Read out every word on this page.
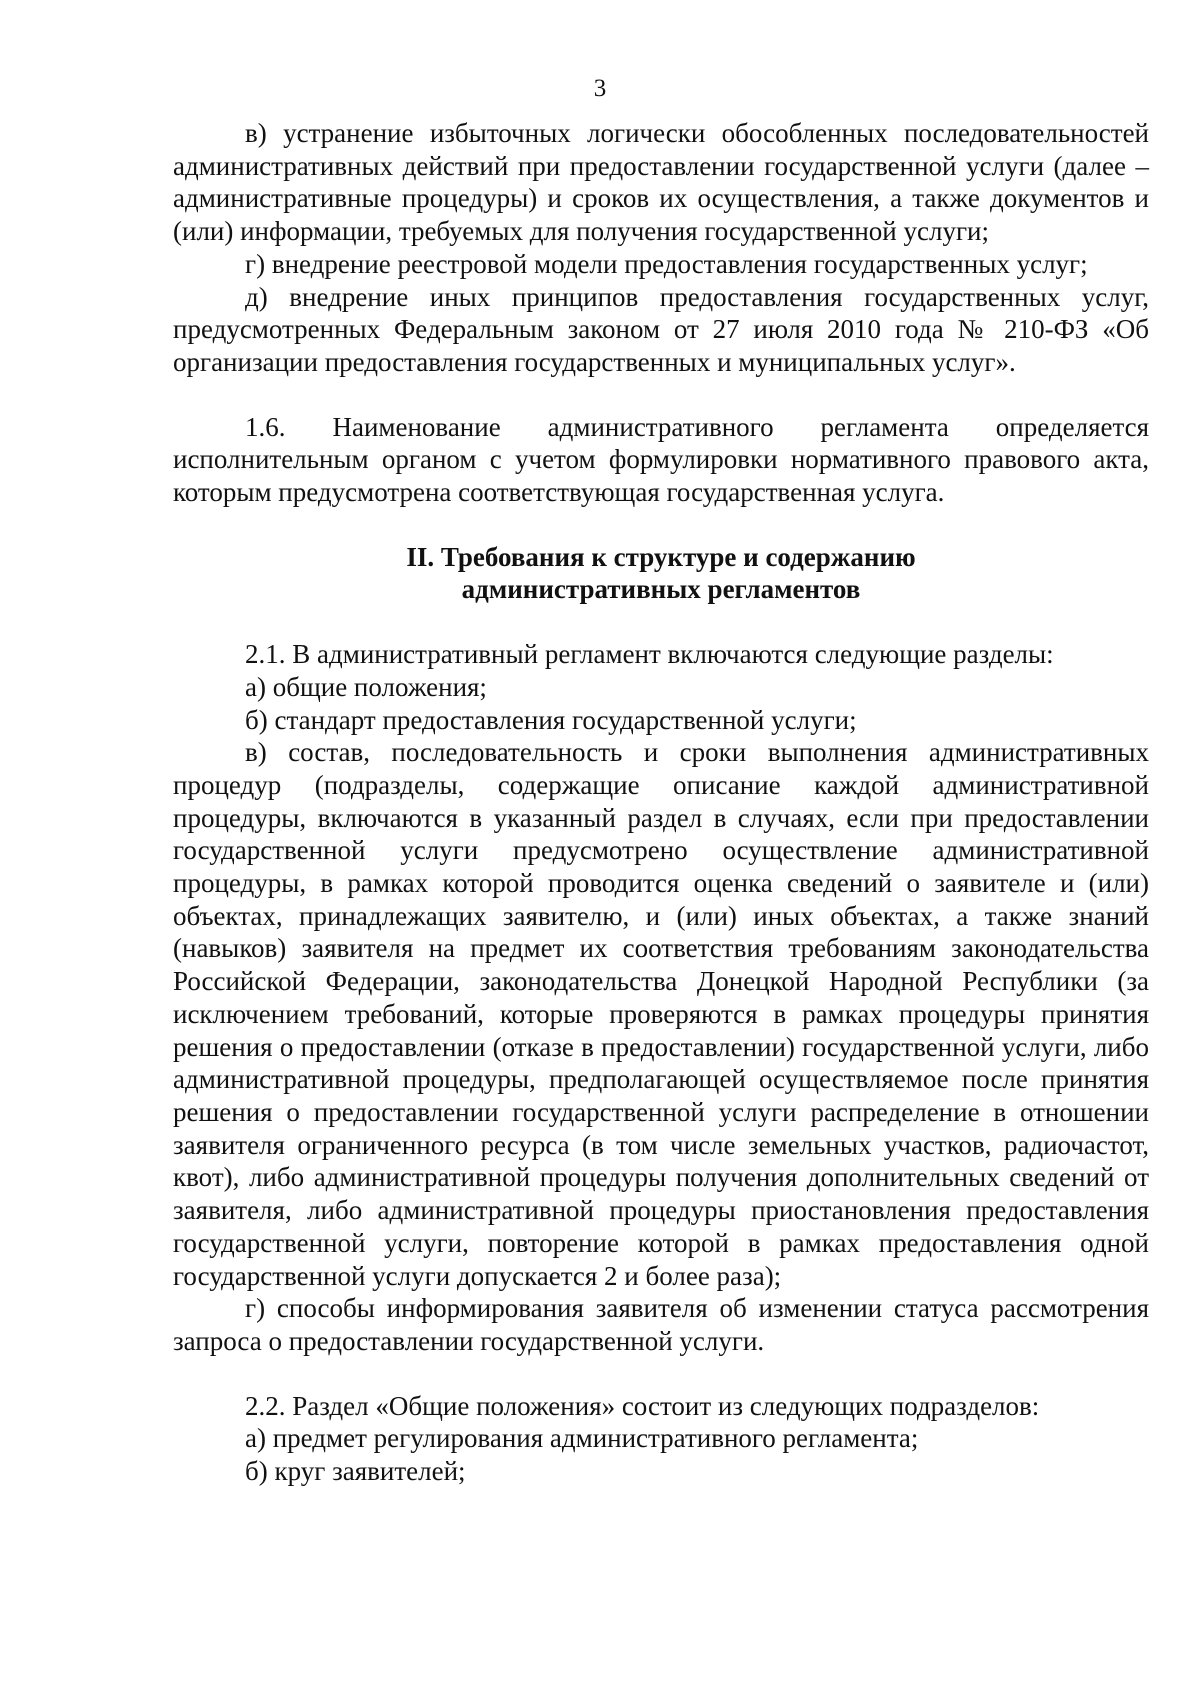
3

в) устранение избыточных логически обособленных последовательностей административных действий при предоставлении государственной услуги (далее – административные процедуры) и сроков их осуществления, а также документов и (или) информации, требуемых для получения государственной услуги;

г) внедрение реестровой модели предоставления государственных услуг;

д) внедрение иных принципов предоставления государственных услуг, предусмотренных Федеральным законом от 27 июля 2010 года № 210-ФЗ «Об организации предоставления государственных и муниципальных услуг».

1.6. Наименование административного регламента определяется исполнительным органом с учетом формулировки нормативного правового акта, которым предусмотрена соответствующая государственная услуга.

II. Требования к структуре и содержанию

административных регламентов

2.1. В административный регламент включаются следующие разделы:

а) общие положения;

б) стандарт предоставления государственной услуги;

в) состав, последовательность и сроки выполнения административных процедур (подразделы, содержащие описание каждой административной процедуры, включаются в указанный раздел в случаях, если при предоставлении государственной услуги предусмотрено осуществление административной процедуры, в рамках которой проводится оценка сведений о заявителе и (или) объектах, принадлежащих заявителю, и (или) иных объектах, а также знаний (навыков) заявителя на предмет их соответствия требованиям законодательства Российской Федерации, законодательства Донецкой Народной Республики (за исключением требований, которые проверяются в рамках процедуры принятия решения о предоставлении (отказе в предоставлении) государственной услуги, либо административной процедуры, предполагающей осуществляемое после принятия решения о предоставлении государственной услуги распределение в отношении заявителя ограниченного ресурса (в том числе земельных участков, радиочастот, квот), либо административной процедуры получения дополнительных сведений от заявителя, либо административной процедуры приостановления предоставления государственной услуги, повторение которой в рамках предоставления одной государственной услуги допускается 2 и более раза);

г) способы информирования заявителя об изменении статуса рассмотрения запроса о предоставлении государственной услуги.

2.2. Раздел «Общие положения» состоит из следующих подразделов:

а) предмет регулирования административного регламента;

б) круг заявителей;
